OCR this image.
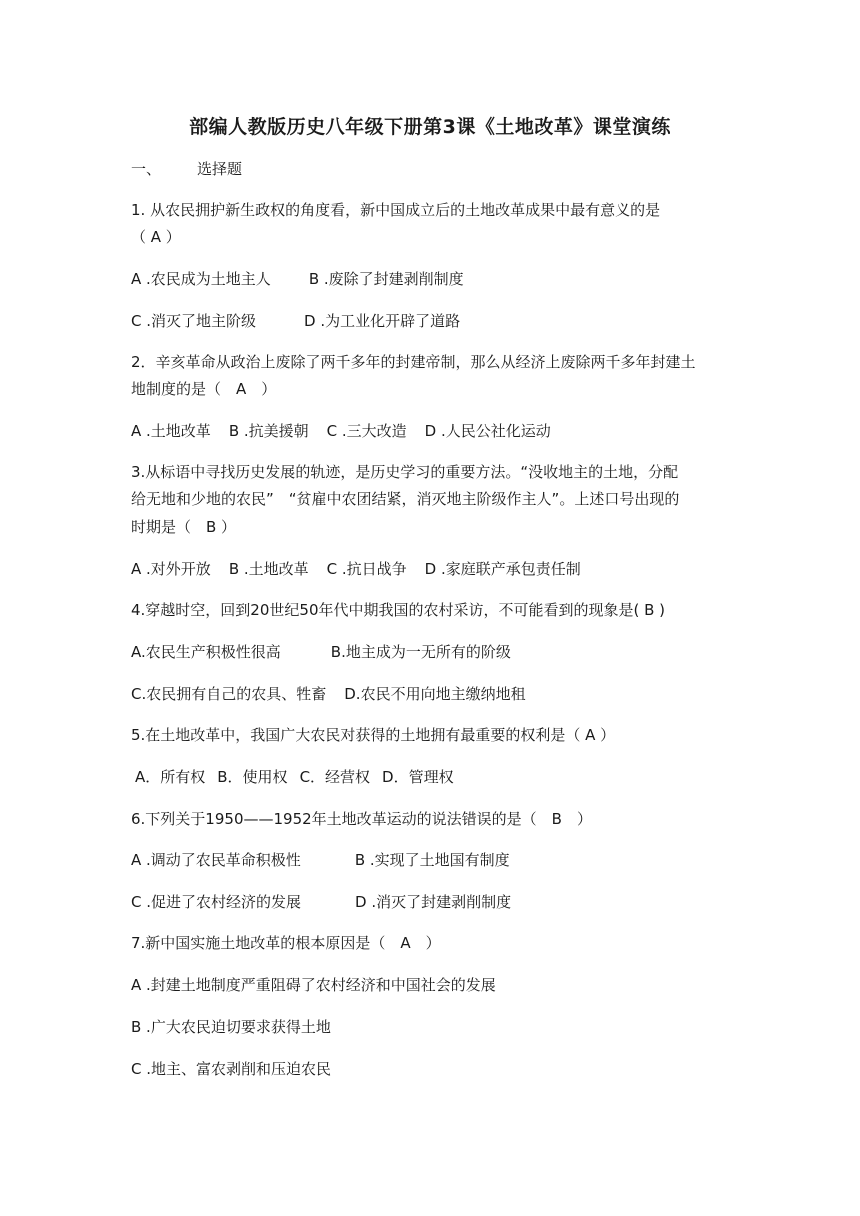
部编人教版历史八年级下册第3课《土地改革》课堂演练
一、 选择题
1. 从农民拥护新生政权的角度看，新中国成立后的土地改革成果中最有意义的是
（ A ）
A .农民成为土地主人	B .废除了封建剥削制度
C .消灭了地主阶级	D .为工业化开辟了道路
2．辛亥革命从政治上废除了两千多年的封建帝制，那么从经济上废除两千多年封建土
地制度的是（　A　）
A .土地改革 B .抗美援朝 C .三大改造 D .人民公社化运动
3.从标语中寻找历史发展的轨迹，是历史学习的重要方法。“没收地主的土地，分配
给无地和少地的农民”　“贫雇中农团结紧，消灭地主阶级作主人”。上述口号出现的
时期是（　B ）
A .对外开放 B .土地改革 C .抗日战争 D .家庭联产承包责任制
4.穿越时空，回到20世纪50年代中期我国的农村采访，不可能看到的现象是( B )
A.农民生产积极性很高	B.地主成为一无所有的阶级
C.农民拥有自己的农具、牲畜 D.农民不用向地主缴纳地租
5.在土地改革中，我国广大农民对获得的土地拥有最重要的权利是（ A ）
A．所有权 B．使用权 C．经营权 D．管理权
6.下列关于1950——1952年土地改革运动的说法错误的是（　B　）
A .调动了农民革命积极性	B .实现了土地国有制度
C .促进了农村经济的发展	D .消灭了封建剥削制度
7.新中国实施土地改革的根本原因是（　A　）
A .封建土地制度严重阻碍了农村经济和中国社会的发展
B .广大农民迫切要求获得土地
C .地主、富农剥削和压迫农民
